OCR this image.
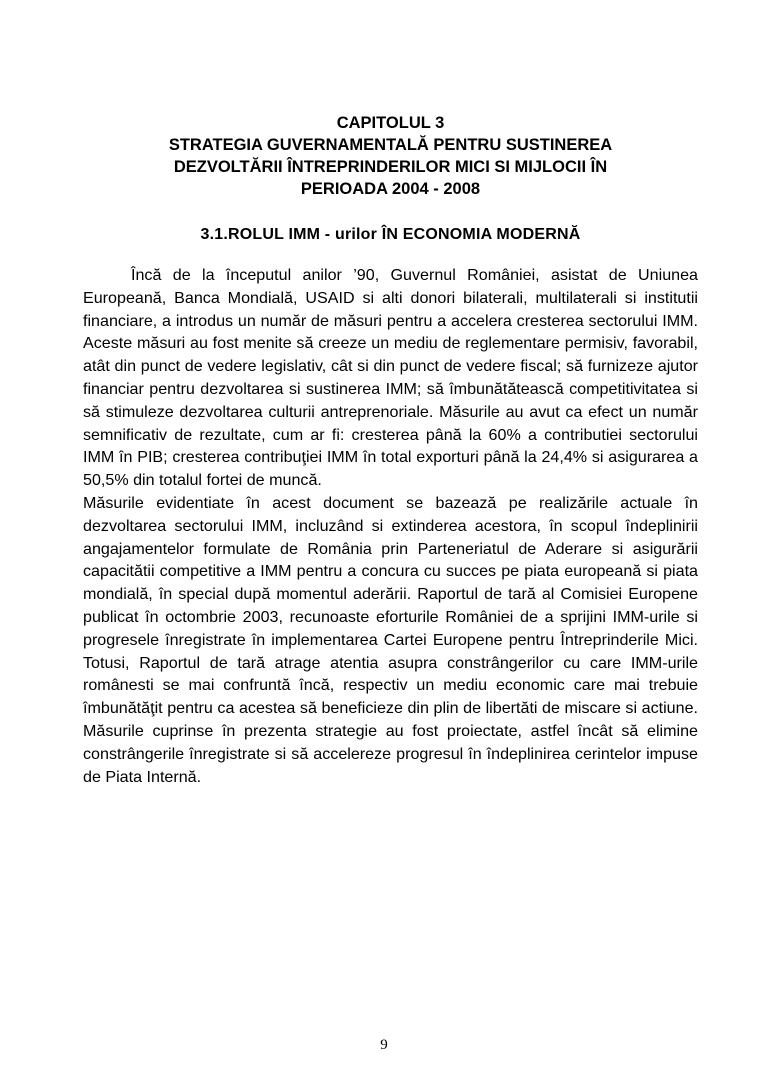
CAPITOLUL 3
STRATEGIA GUVERNAMENTALĂ PENTRU SUSTINEREA
DEZVOLTĂRII ÎNTREPRINDERILOR MICI SI MIJLOCII ÎN
PERIOADA 2004 - 2008
3.1.ROLUL IMM - urilor ÎN ECONOMIA MODERNĂ

Încă de la începutul anilor ’90, Guvernul României, asistat de Uniunea Europeană, Banca Mondială, USAID si alti donori bilaterali, multilaterali si institutii financiare, a introdus un număr de măsuri pentru a accelera cresterea sectorului IMM. Aceste măsuri au fost menite să creeze un mediu de reglementare permisiv, favorabil, atât din punct de vedere legislativ, cât si din punct de vedere fiscal; să furnizeze ajutor financiar pentru dezvoltarea si sustinerea IMM; să îmbunătătească competitivitatea si să stimuleze dezvoltarea culturii antreprenoriale. Măsurile au avut ca efect un număr semnificativ de rezultate, cum ar fi: cresterea până la 60% a contributiei sectorului IMM în PIB; cresterea contribuţiei IMM în total exporturi până la 24,4% si asigurarea a 50,5% din totalul fortei de muncă.

Măsurile evidentiate în acest document se bazează pe realizările actuale în dezvoltarea sectorului IMM, incluzând si extinderea acestora, în scopul îndeplinirii angajamentelor formulate de România prin Parteneriatul de Aderare si asigurării capacitătii competitive a IMM pentru a concura cu succes pe piata europeană si piata mondială, în special după momentul aderării. Raportul de tară al Comisiei Europene publicat în octombrie 2003, recunoaste eforturile României de a sprijini IMM-urile si progresele înregistrate în implementarea Cartei Europene pentru Întreprinderile Mici. Totusi, Raportul de tară atrage atentia asupra constrângerilor cu care IMM-urile românesti se mai confruntă încă, respectiv un mediu economic care mai trebuie îmbunătăţit pentru ca acestea să beneficieze din plin de libertăti de miscare si actiune. Măsurile cuprinse în prezenta strategie au fost proiectate, astfel încât să elimine constrângerile înregistrate si să accelereze progresul în îndeplinirea cerintelor impuse de Piata Internă.

9
